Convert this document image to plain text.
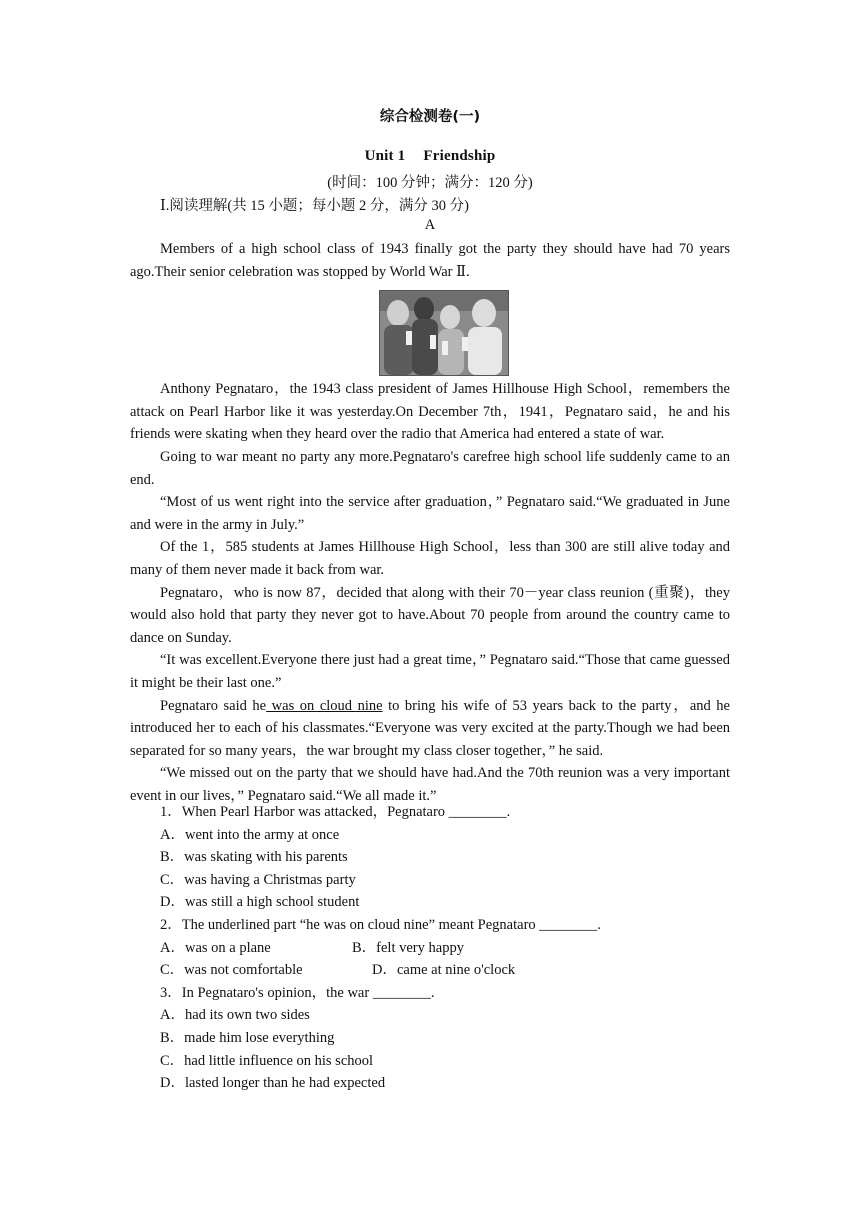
综合检测卷(一)
Unit 1 Friendship
(时间：100 分钟；满分：120 分)
Ⅰ.阅读理解(共 15 小题；每小题 2 分，满分 30 分)
A

Members of a high school class of 1943 finally got the party they should have had 70 years ago.Their senior celebration was stopped by World War Ⅱ.

Anthony Pegnataro，the 1943 class president of James Hillhouse High School，remembers the attack on Pearl Harbor like it was yesterday.On December 7th，1941，Pegnataro said，he and his friends were skating when they heard over the radio that America had entered a state of war.

Going to war meant no party any more.Pegnataro's carefree high school life suddenly came to an end.

“Most of us went right into the service after graduation，” Pegnataro said.“We graduated in June and were in the army in July.”

Of the 1，585 students at James Hillhouse High School，less than 300 are still alive today and many of them never made it back from war.

Pegnataro，who is now 87，decided that along with their 70－year class reunion (重聚)，they would also hold that party they never got to have.About 70 people from around the country came to dance on Sunday.

“It was excellent.Everyone there just had a great time，” Pegnataro said.“Those that came guessed it might be their last one.”

Pegnataro said he was on cloud nine to bring his wife of 53 years back to the party，and he introduced her to each of his classmates.“Everyone was very excited at the party.Though we had been separated for so many years，the war brought my class closer together，” he said.

“We missed out on the party that we should have had.And the 70th reunion was a very important event in our lives，” Pegnataro said.“We all made it.”

1．When Pearl Harbor was attacked，Pegnataro ________.
A．went into the army at once
B．was skating with his parents
C．was having a Christmas party
D．was still a high school student
2．The underlined part “he was on cloud nine” meant Pegnataro ________.
A．was on a plane	B．felt very happy
C．was not comfortable	D．came at nine o'clock
3．In Pegnataro's opinion，the war ________.
A．had its own two sides
B．made him lose everything
C．had little influence on his school
D．lasted longer than he had expected
